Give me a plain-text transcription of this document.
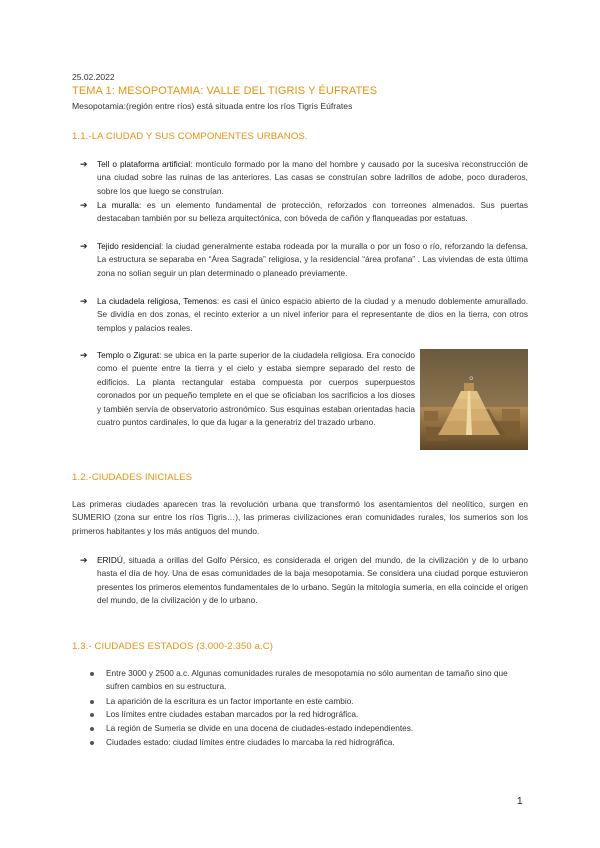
25.02.2022
TEMA 1: MESOPOTAMIA: VALLE DEL TIGRIS Y ÉUFRATES
Mesopotamia:(región entre ríos) está situada entre los ríos Tigris Eúfrates
1.1.-LA CIUDAD Y SUS COMPONENTES URBANOS.
➔ Tell o plataforma artificial: montículo formado por la mano del hombre y causado por la sucesiva reconstrucción de una ciudad sobre las ruinas de las anteriores. Las casas se construían sobre ladrillos de adobe, poco duraderos, sobre los que luego se construían.
➔ La muralla: es un elemento fundamental de protección, reforzados con torreones almenados. Sus puertas destacaban también por su belleza arquitectónica, con bóveda de cañón y flanqueadas por estatuas.
➔ Tejido residencial: la ciudad generalmente estaba rodeada por la muralla o por un foso o río, reforzando la defensa. La estructura se separaba en “Área Sagrada” religiosa, y la residencial “área profana” . Las viviendas de esta última zona no solían seguir un plan determinado o planeado previamente.
➔ La ciudadela religiosa, Temenos: es casi el único espacio abierto de la ciudad y a menudo doblemente amurallado. Se dividía en dos zonas, el recinto exterior a un nivel inferior para el representante de dios en la tierra, con otros templos y palacios reales.
➔ Templo o Zigurat: se ubica en la parte superior de la ciudadela religiosa. Era conocido como el puente entre la tierra y el cielo y estaba siempre separado del resto de edificios. La planta rectangular estaba compuesta por cuerpos superpuestos coronados por un pequeño templete en el que se oficiaban los sacrificios a los dioses y también servía de observatorio astronómico. Sus esquinas estaban orientadas hacia cuatro puntos cardinales, lo que da lugar a la generatriz del trazado urbano.
ഠ
1.2.-CIUDADES INICIALES
Las primeras ciudades aparecen tras la revolución urbana que transformó los asentamientos del neolítico, surgen en SUMERIO (zona sur entre los ríos Tigris…), las primeras civilizaciones eran comunidades rurales, los sumerios son los primeros habitantes y los más antiguos del mundo.
➔ ERIDÚ, situada a orillas del Golfo Pérsico, es considerada el origen del mundo, de la civilización y de lo urbano hasta el día de hoy. Una de esas comunidades de la baja mesopotamia. Se considera una ciudad porque estuvieron presentes los primeros elementos fundamentales de lo urbano. Según la mitología sumeria, en ella coincide el origen del mundo, de la civilización y de lo urbano.
1.3.- CIUDADES ESTADOS (3.000-2.350 a.C)
Entre 3000 y 2500 a.c. Algunas comunidades rurales de mesopotamia no sólo aumentan de tamaño sino que sufren cambios en su estructura.
La aparición de la escritura es un factor importante en este cambio.
Los límites entre ciudades estaban marcados por la red hidrográfica.
La región de Sumeria se divide en una docena de ciudades-estado independientes.
Ciudades estado: ciudad límites entre ciudades lo marcaba la red hidrográfica.
1
